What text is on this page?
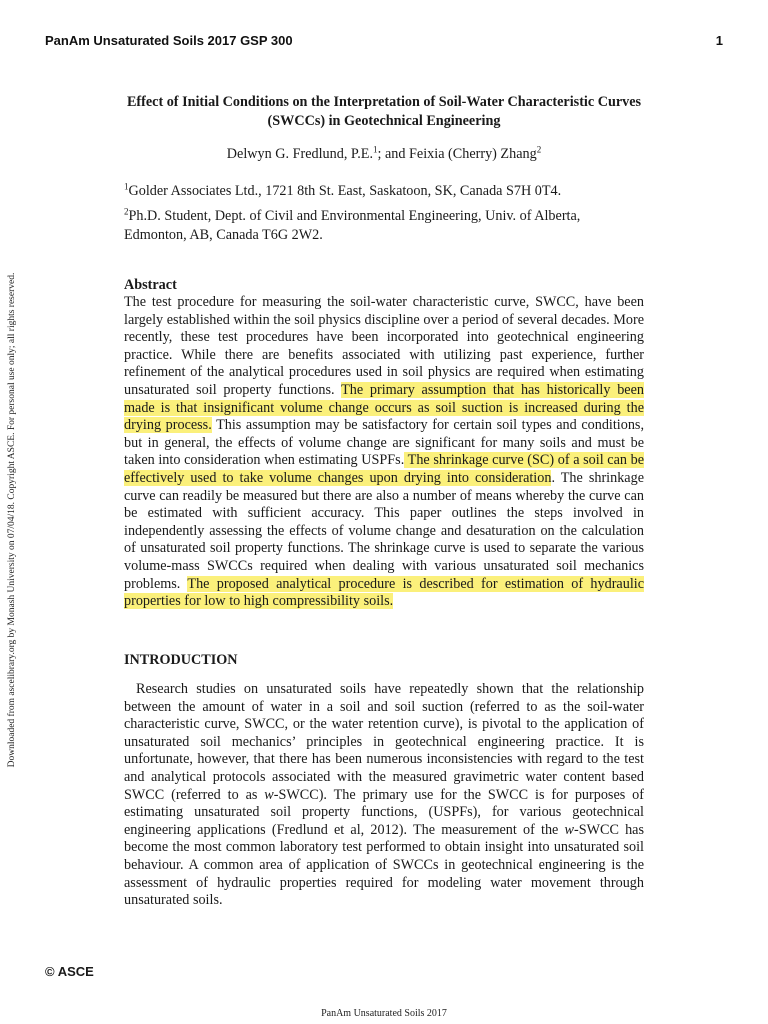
PanAm Unsaturated Soils 2017 GSP 300	1
Downloaded from ascelibrary.org by Monash University on 07/04/18. Copyright ASCE. For personal use only; all rights reserved.
Effect of Initial Conditions on the Interpretation of Soil-Water Characteristic Curves (SWCCs) in Geotechnical Engineering
Delwyn G. Fredlund, P.E.$^1$; and Feixia (Cherry) Zhang$^2$
$^1$Golder Associates Ltd., 1721 8th St. East, Saskatoon, SK, Canada S7H 0T4.
$^2$Ph.D. Student, Dept. of Civil and Environmental Engineering, Univ. of Alberta, Edmonton, AB, Canada T6G 2W2.
Abstract
The test procedure for measuring the soil-water characteristic curve, SWCC, have been largely established within the soil physics discipline over a period of several decades. More recently, these test procedures have been incorporated into geotechnical engineering practice. While there are benefits associated with utilizing past experience, further refinement of the analytical procedures used in soil physics are required when estimating unsaturated soil property functions. The primary assumption that has historically been made is that insignificant volume change occurs as soil suction is increased during the drying process. This assumption may be satisfactory for certain soil types and conditions, but in general, the effects of volume change are significant for many soils and must be taken into consideration when estimating USPFs. The shrinkage curve (SC) of a soil can be effectively used to take volume changes upon drying into consideration. The shrinkage curve can readily be measured but there are also a number of means whereby the curve can be estimated with sufficient accuracy. This paper outlines the steps involved in independently assessing the effects of volume change and desaturation on the calculation of unsaturated soil property functions. The shrinkage curve is used to separate the various volume-mass SWCCs required when dealing with various unsaturated soil mechanics problems. The proposed analytical procedure is described for estimation of hydraulic properties for low to high compressibility soils.
INTRODUCTION
Research studies on unsaturated soils have repeatedly shown that the relationship between the amount of water in a soil and soil suction (referred to as the soil-water characteristic curve, SWCC, or the water retention curve), is pivotal to the application of unsaturated soil mechanics’ principles in geotechnical engineering practice. It is unfortunate, however, that there has been numerous inconsistencies with regard to the test and analytical protocols associated with the measured gravimetric water content based SWCC (referred to as w-SWCC). The primary use for the SWCC is for purposes of estimating unsaturated soil property functions, (USPFs), for various geotechnical engineering applications (Fredlund et al, 2012). The measurement of the w-SWCC has become the most common laboratory test performed to obtain insight into unsaturated soil behaviour. A common area of application of SWCCs in geotechnical engineering is the assessment of hydraulic properties required for modeling water movement through unsaturated soils.
© ASCE
PanAm Unsaturated Soils 2017
